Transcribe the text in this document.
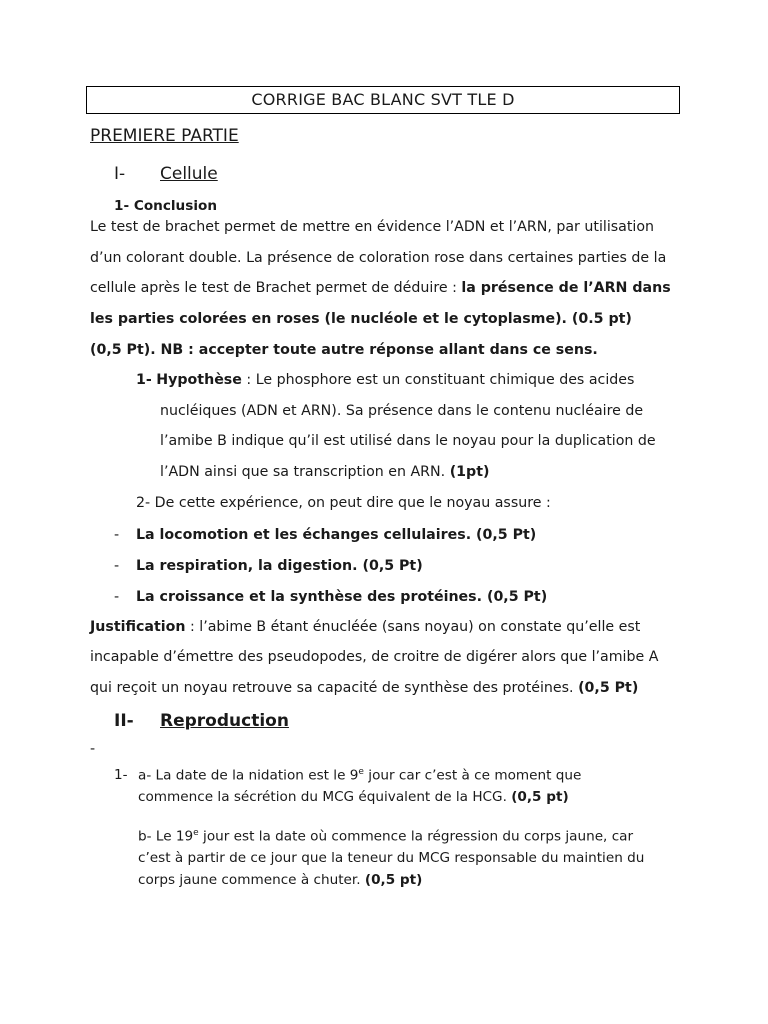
CORRIGE BAC BLANC SVT TLE D
PREMIERE PARTIE
I- Cellule
1- Conclusion
Le test de brachet permet de mettre en évidence l’ADN et l’ARN, par utilisation
d’un colorant double. La présence de coloration rose dans certaines parties de la
cellule après le test de Brachet permet de déduire : la présence de l’ARN dans
les parties colorées en roses (le nucléole et le cytoplasme). (0.5 pt)
(0,5 Pt). NB : accepter toute autre réponse allant dans ce sens.
1- Hypothèse : Le phosphore est un constituant chimique des acides
nucléiques (ADN et ARN). Sa présence dans le contenu nucléaire de
l’amibe B indique qu’il est utilisé dans le noyau pour la duplication de
l’ADN ainsi que sa transcription en ARN. (1pt)
2- De cette expérience, on peut dire que le noyau assure :
- La locomotion et les échanges cellulaires. (0,5 Pt)
- La respiration, la digestion. (0,5 Pt)
- La croissance et la synthèse des protéines. (0,5 Pt)
Justification : l’abime B étant énucléée (sans noyau) on constate qu’elle est
incapable d’émettre des pseudopodes, de croitre de digérer alors que l’amibe A
qui reçoit un noyau retrouve sa capacité de synthèse des protéines. (0,5 Pt)
II- Reproduction
-
1- a- La date de la nidation est le 9e jour car c’est à ce moment que
commence la sécrétion du MCG équivalent de la HCG. (0,5 pt)
b- Le 19e jour est la date où commence la régression du corps jaune, car
c’est à partir de ce jour que la teneur du MCG responsable du maintien du
corps jaune commence à chuter. (0,5 pt)
